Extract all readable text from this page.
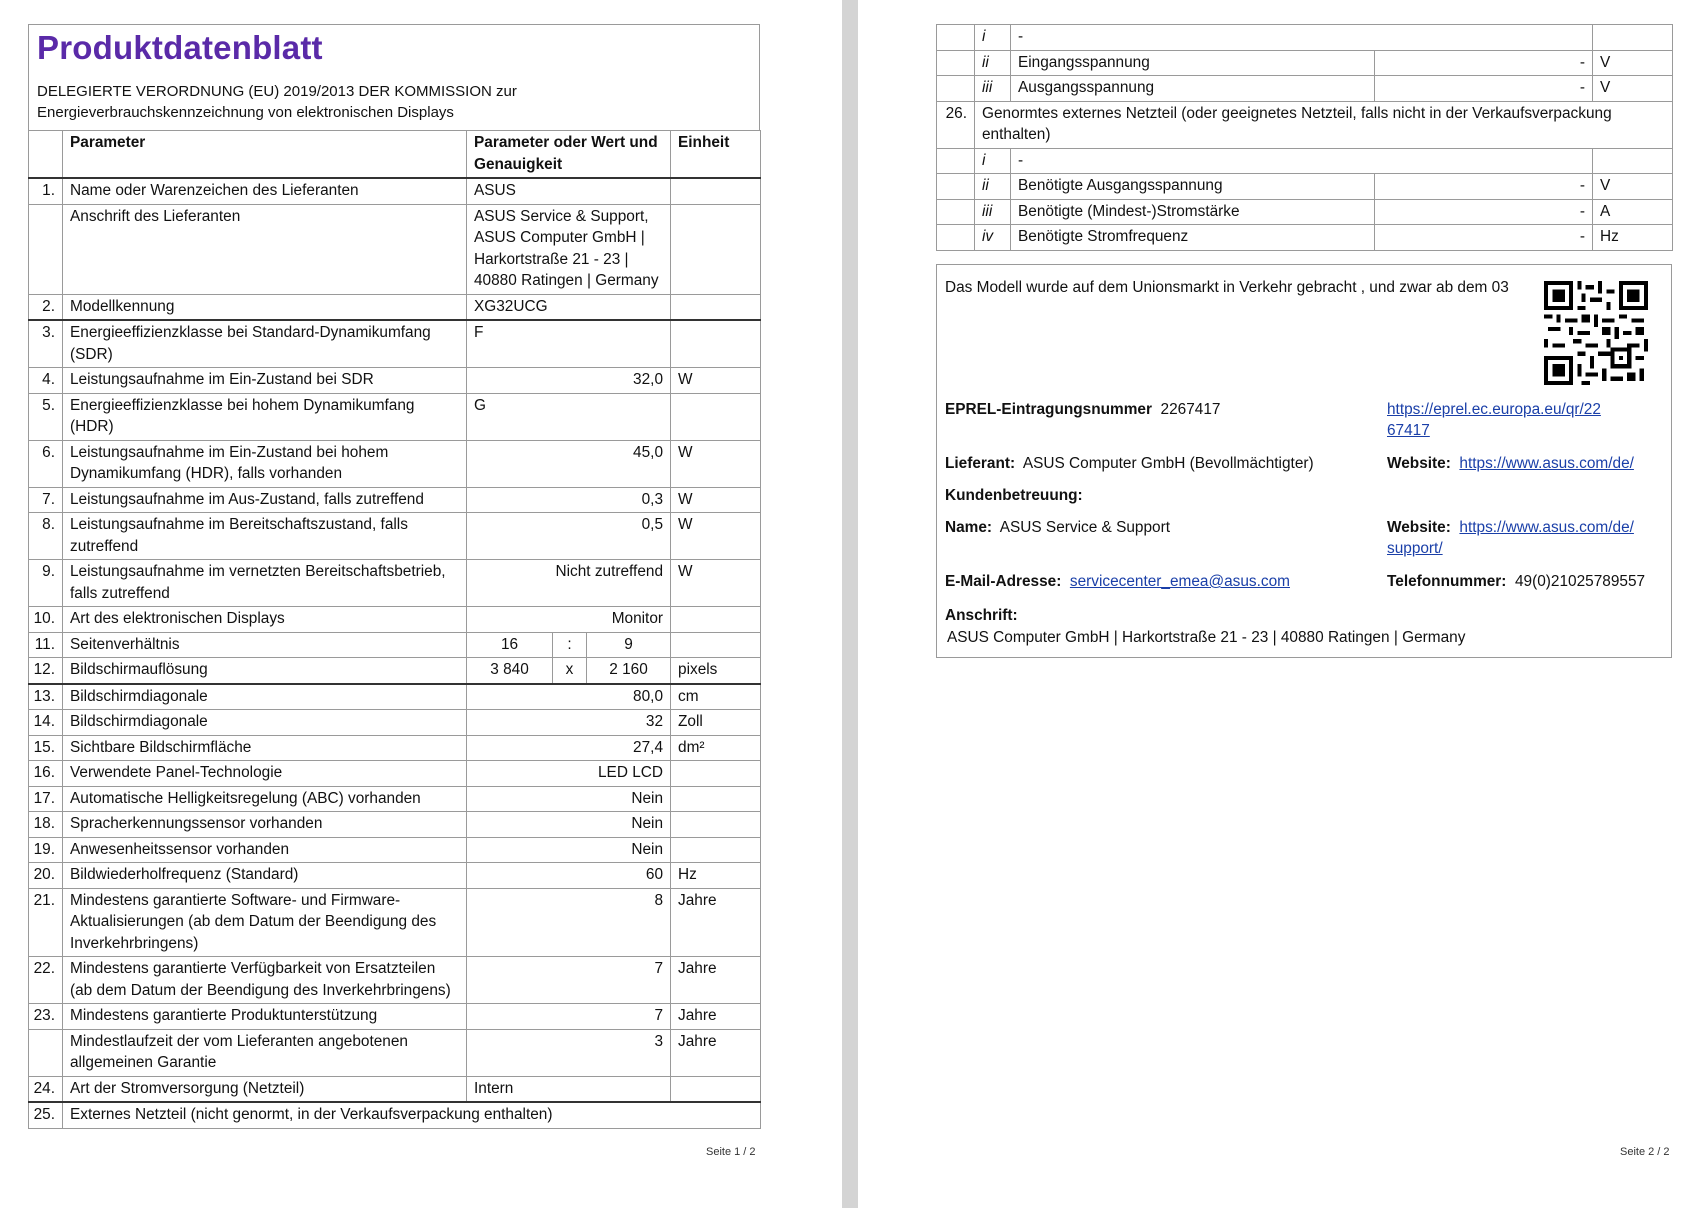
Produktdatenblatt
DELEGIERTE VERORDNUNG (EU) 2019/2013 DER KOMMISSION zur
Energieverbrauchskennzeichnung von elektronischen Displays
	Parameter	Parameter oder Wert und Genauigkeit			Einheit
1.	Name oder Warenzeichen des Lieferanten	ASUS			
	Anschrift des Lieferanten	ASUS Service & Support, ASUS Computer GmbH | Harkortstraße 21 - 23 | 40880 Ratingen | Germany			
2.	Modellkennung	XG32UCG			
3.	Energieeffizienzklasse bei Standard-Dynamikumfang (SDR)	F			
4.	Leistungsaufnahme im Ein-Zustand bei SDR	32,0			W
5.	Energieeffizienzklasse bei hohem Dynamikumfang (HDR)	G			
6.	Leistungsaufnahme im Ein-Zustand bei hohem Dynamikumfang (HDR), falls vorhanden	45,0			W
7.	Leistungsaufnahme im Aus-Zustand, falls zutreffend	0,3			W
8.	Leistungsaufnahme im Bereitschaftszustand, falls zutreffend	0,5			W
9.	Leistungsaufnahme im vernetzten Bereitschaftsbetrieb, falls zutreffend	Nicht zutreffend			W
10.	Art des elektronischen Displays	Monitor			
11.	Seitenverhältnis	16	:	9	
12.	Bildschirmauflösung	3 840	x	2 160	pixels
13.	Bildschirmdiagonale	80,0			cm
14.	Bildschirmdiagonale	32			Zoll
15.	Sichtbare Bildschirmfläche	27,4			dm²
16.	Verwendete Panel-Technologie	LED LCD			
17.	Automatische Helligkeitsregelung (ABC) vorhanden	Nein			
18.	Spracherkennungssensor vorhanden	Nein			
19.	Anwesenheitssensor vorhanden	Nein			
20.	Bildwiederholfrequenz (Standard)	60			Hz
21.	Mindestens garantierte Software- und Firmware-Aktualisierungen (ab dem Datum der Beendigung des Inverkehrbringens)	8			Jahre
22.	Mindestens garantierte Verfügbarkeit von Ersatzteilen (ab dem Datum der Beendigung des Inverkehrbringens)	7			Jahre
23.	Mindestens garantierte Produktunterstützung	7			Jahre
	Mindestlaufzeit der vom Lieferanten angebotenen allgemeinen Garantie	3			Jahre
24.	Art der Stromversorgung (Netzteil)	Intern			
25.	Externes Netzteil (nicht genormt, in der Verkaufsverpackung enthalten)				
Seite 1 / 2
	i	-		
	ii	Eingangsspannung	-	V
	iii	Ausgangsspannung	-	V
26.	Genormtes externes Netzteil (oder geeignetes Netzteil, falls nicht in der Verkaufsverpackung enthalten)			
	i	-		
	ii	Benötigte Ausgangsspannung	-	V
	iii	Benötigte (Mindest-)Stromstärke	-	A
	iv	Benötigte Stromfrequenz	-	Hz
Das Modell wurde auf dem Unionsmarkt in Verkehr gebracht , und zwar ab dem 03
EPREL-Eintragungsnummer 2267417	https://eprel.ec.europa.eu/qr/22
67417
Lieferant: ASUS Computer GmbH (Bevollmächtigter)	Website: https://www.asus.com/de/
Kundenbetreuung:
Name: ASUS Service & Support	Website: https://www.asus.com/de/
support/
E-Mail-Adresse: servicecenter_emea@asus.com	Telefonnummer: 49(0)21025789557
Anschrift:
ASUS Computer GmbH | Harkortstraße 21 - 23 | 40880 Ratingen | Germany
Seite 2 / 2
